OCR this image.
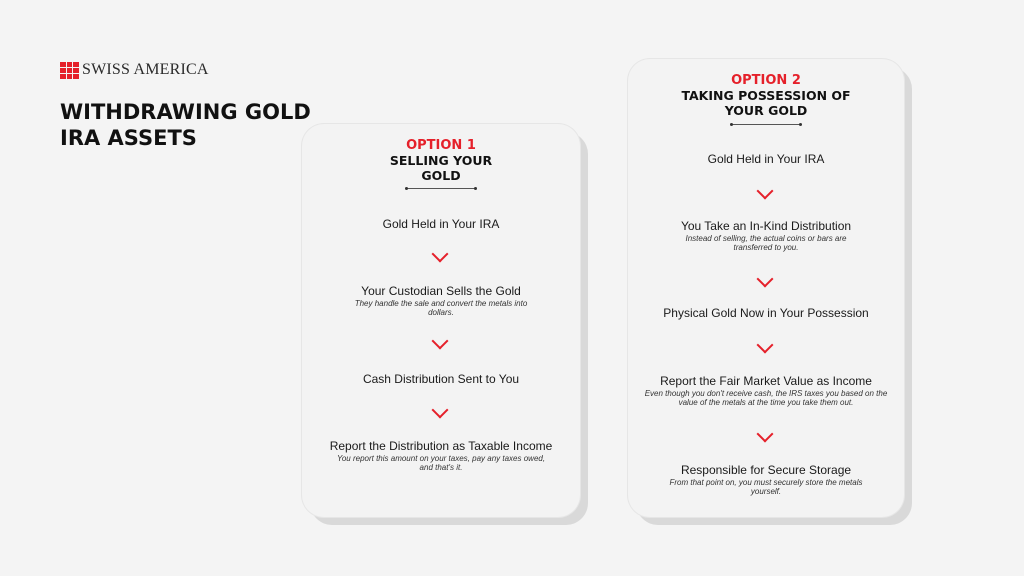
SWISS AMERICA
WITHDRAWING GOLD IRA ASSETS	OPTION 1
SELLING YOUR GOLD
Gold Held in Your IRA
Your Custodian Sells the Gold
They handle the sale and convert the metals into dollars.
Cash Distribution Sent to You
Report the Distribution as Taxable Income
You report this amount on your taxes, pay any taxes owed, and that's it.
OPTION 2
TAKING POSSESSION OF YOUR GOLD
Gold Held in Your IRA
You Take an In-Kind Distribution
Instead of selling, the actual coins or bars are transferred to you.
Physical Gold Now in Your Possession
Report the Fair Market Value as Income
Even though you don't receive cash, the IRS taxes you based on the value of the metals at the time you take them out.
Responsible for Secure Storage
From that point on, you must securely store the metals yourself.
